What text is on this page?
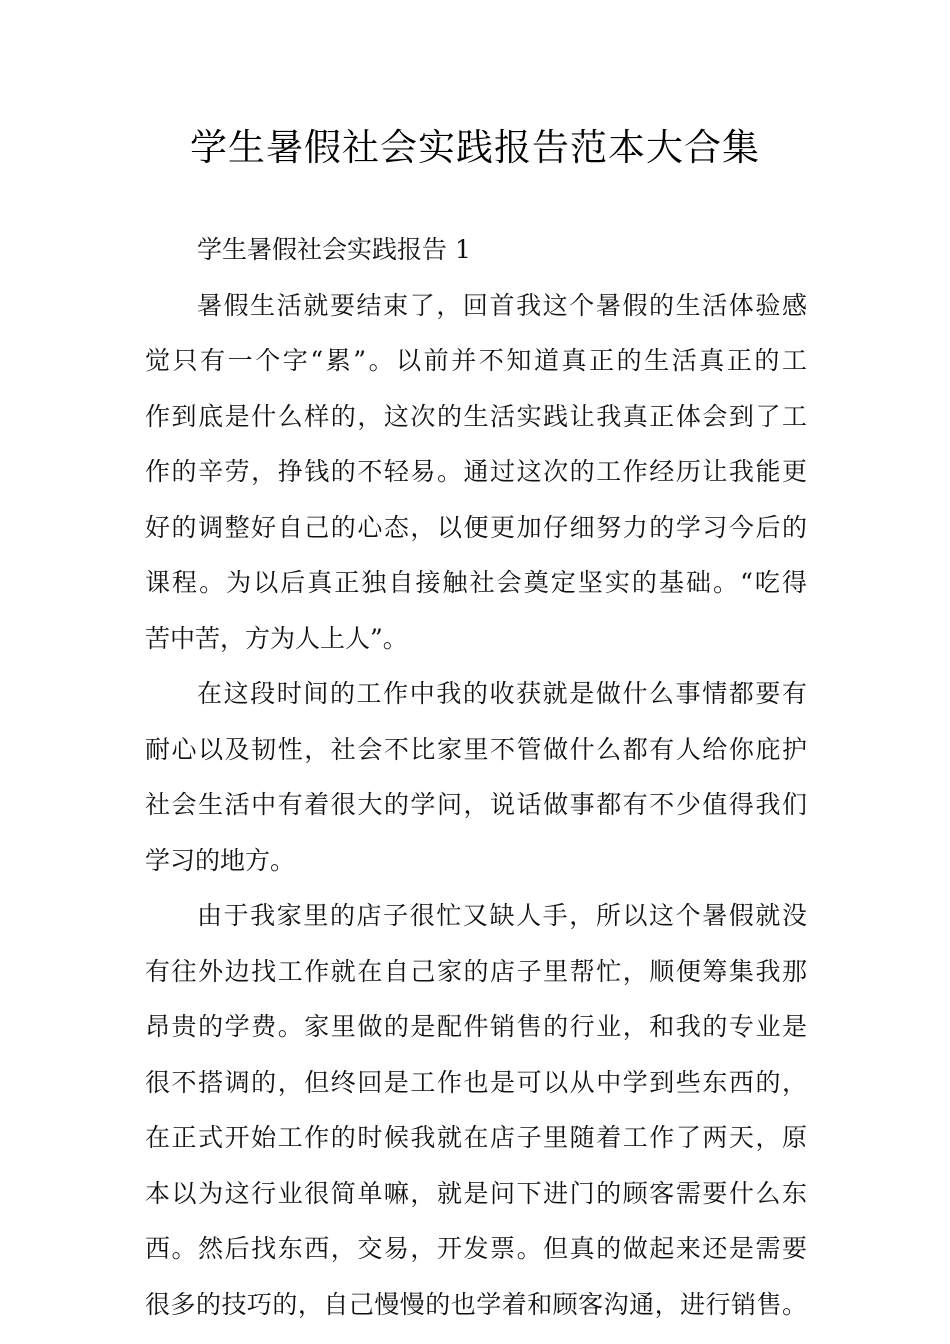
学生暑假社会实践报告范本大合集

学生暑假社会实践报告 1

暑假生活就要结束了，回首我这个暑假的生活体验感
觉只有一个字“累”。以前并不知道真正的生活真正的工
作到底是什么样的，这次的生活实践让我真正体会到了工
作的辛劳，挣钱的不轻易。通过这次的工作经历让我能更
好的调整好自己的心态，以便更加仔细努力的学习今后的
课程。为以后真正独自接触社会奠定坚实的基础。“吃得
苦中苦，方为人上人”。
在这段时间的工作中我的收获就是做什么事情都要有
耐心以及韧性，社会不比家里不管做什么都有人给你庇护
社会生活中有着很大的学问，说话做事都有不少值得我们
学习的地方。
由于我家里的店子很忙又缺人手，所以这个暑假就没
有往外边找工作就在自己家的店子里帮忙，顺便筹集我那
昂贵的学费。家里做的是配件销售的行业，和我的专业是
很不搭调的，但终回是工作也是可以从中学到些东西的，
在正式开始工作的时候我就在店子里随着工作了两天，原
本以为这行业很简单嘛，就是问下进门的顾客需要什么东
西。然后找东西，交易，开发票。但真的做起来还是需要
很多的技巧的，自己慢慢的也学着和顾客沟通，进行销售。
